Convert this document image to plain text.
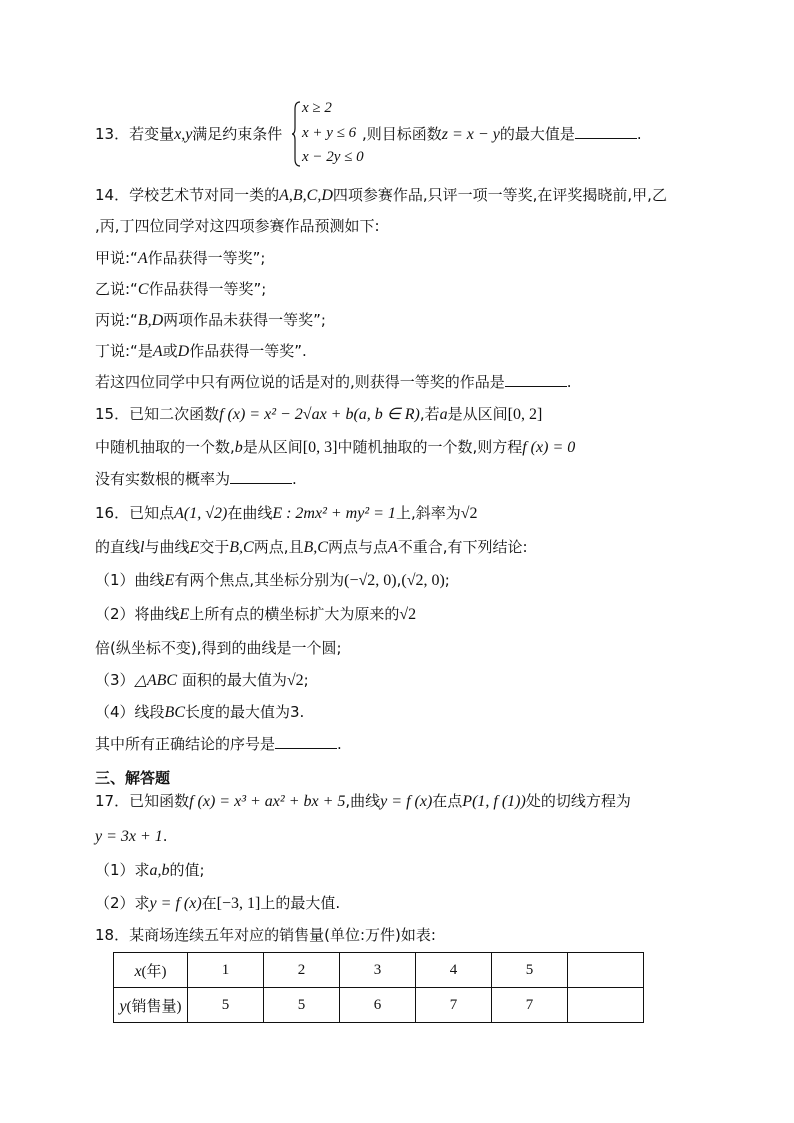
13．若变量x,y满足约束条件
x ≥ 2
x + y ≤ 6
x − 2y ≤ 0
,则目标函数z = x − y的最大值是	.
14．学校艺术节对同一类的A,B,C,D四项参赛作品,只评一项一等奖,在评奖揭晓前,甲,乙
,丙,丁四位同学对这四项参赛作品预测如下:
甲说:“A作品获得一等奖”;
乙说:“C作品获得一等奖”;
丙说:“B,D两项作品未获得一等奖”;
丁说:“是A或D作品获得一等奖”.
若这四位同学中只有两位说的话是对的,则获得一等奖的作品是	.
15．已知二次函数f (x) = x² − 2√ax + b(a, b ∈ R),若a是从区间[0, 2]
中随机抽取的一个数,b是从区间[0, 3]中随机抽取的一个数,则方程f (x) = 0
没有实数根的概率为	.
16．已知点A(1, √2)在曲线E : 2mx² + my² = 1上,斜率为√2
的直线l与曲线E交于B,C两点,且B,C两点与点A不重合,有下列结论:
（1）曲线E有两个焦点,其坐标分别为(−√2, 0),(√2, 0);
（2）将曲线E上所有点的横坐标扩大为原来的√2
倍(纵坐标不变),得到的曲线是一个圆;
（3）△ABC 面积的最大值为√2;
（4）线段BC长度的最大值为3.
其中所有正确结论的序号是	.
三、解答题
17．已知函数f (x) = x³ + ax² + bx + 5,曲线y = f (x)在点P(1, f (1))处的切线方程为
y = 3x + 1.
（1）求a,b的值;
（2）求y = f (x)在[−3, 1]上的最大值.
18．某商场连续五年对应的销售量(单位:万件)如表:
x(年)	1	2	3	4	5	
y(销售量)	5	5	6	7	7	
